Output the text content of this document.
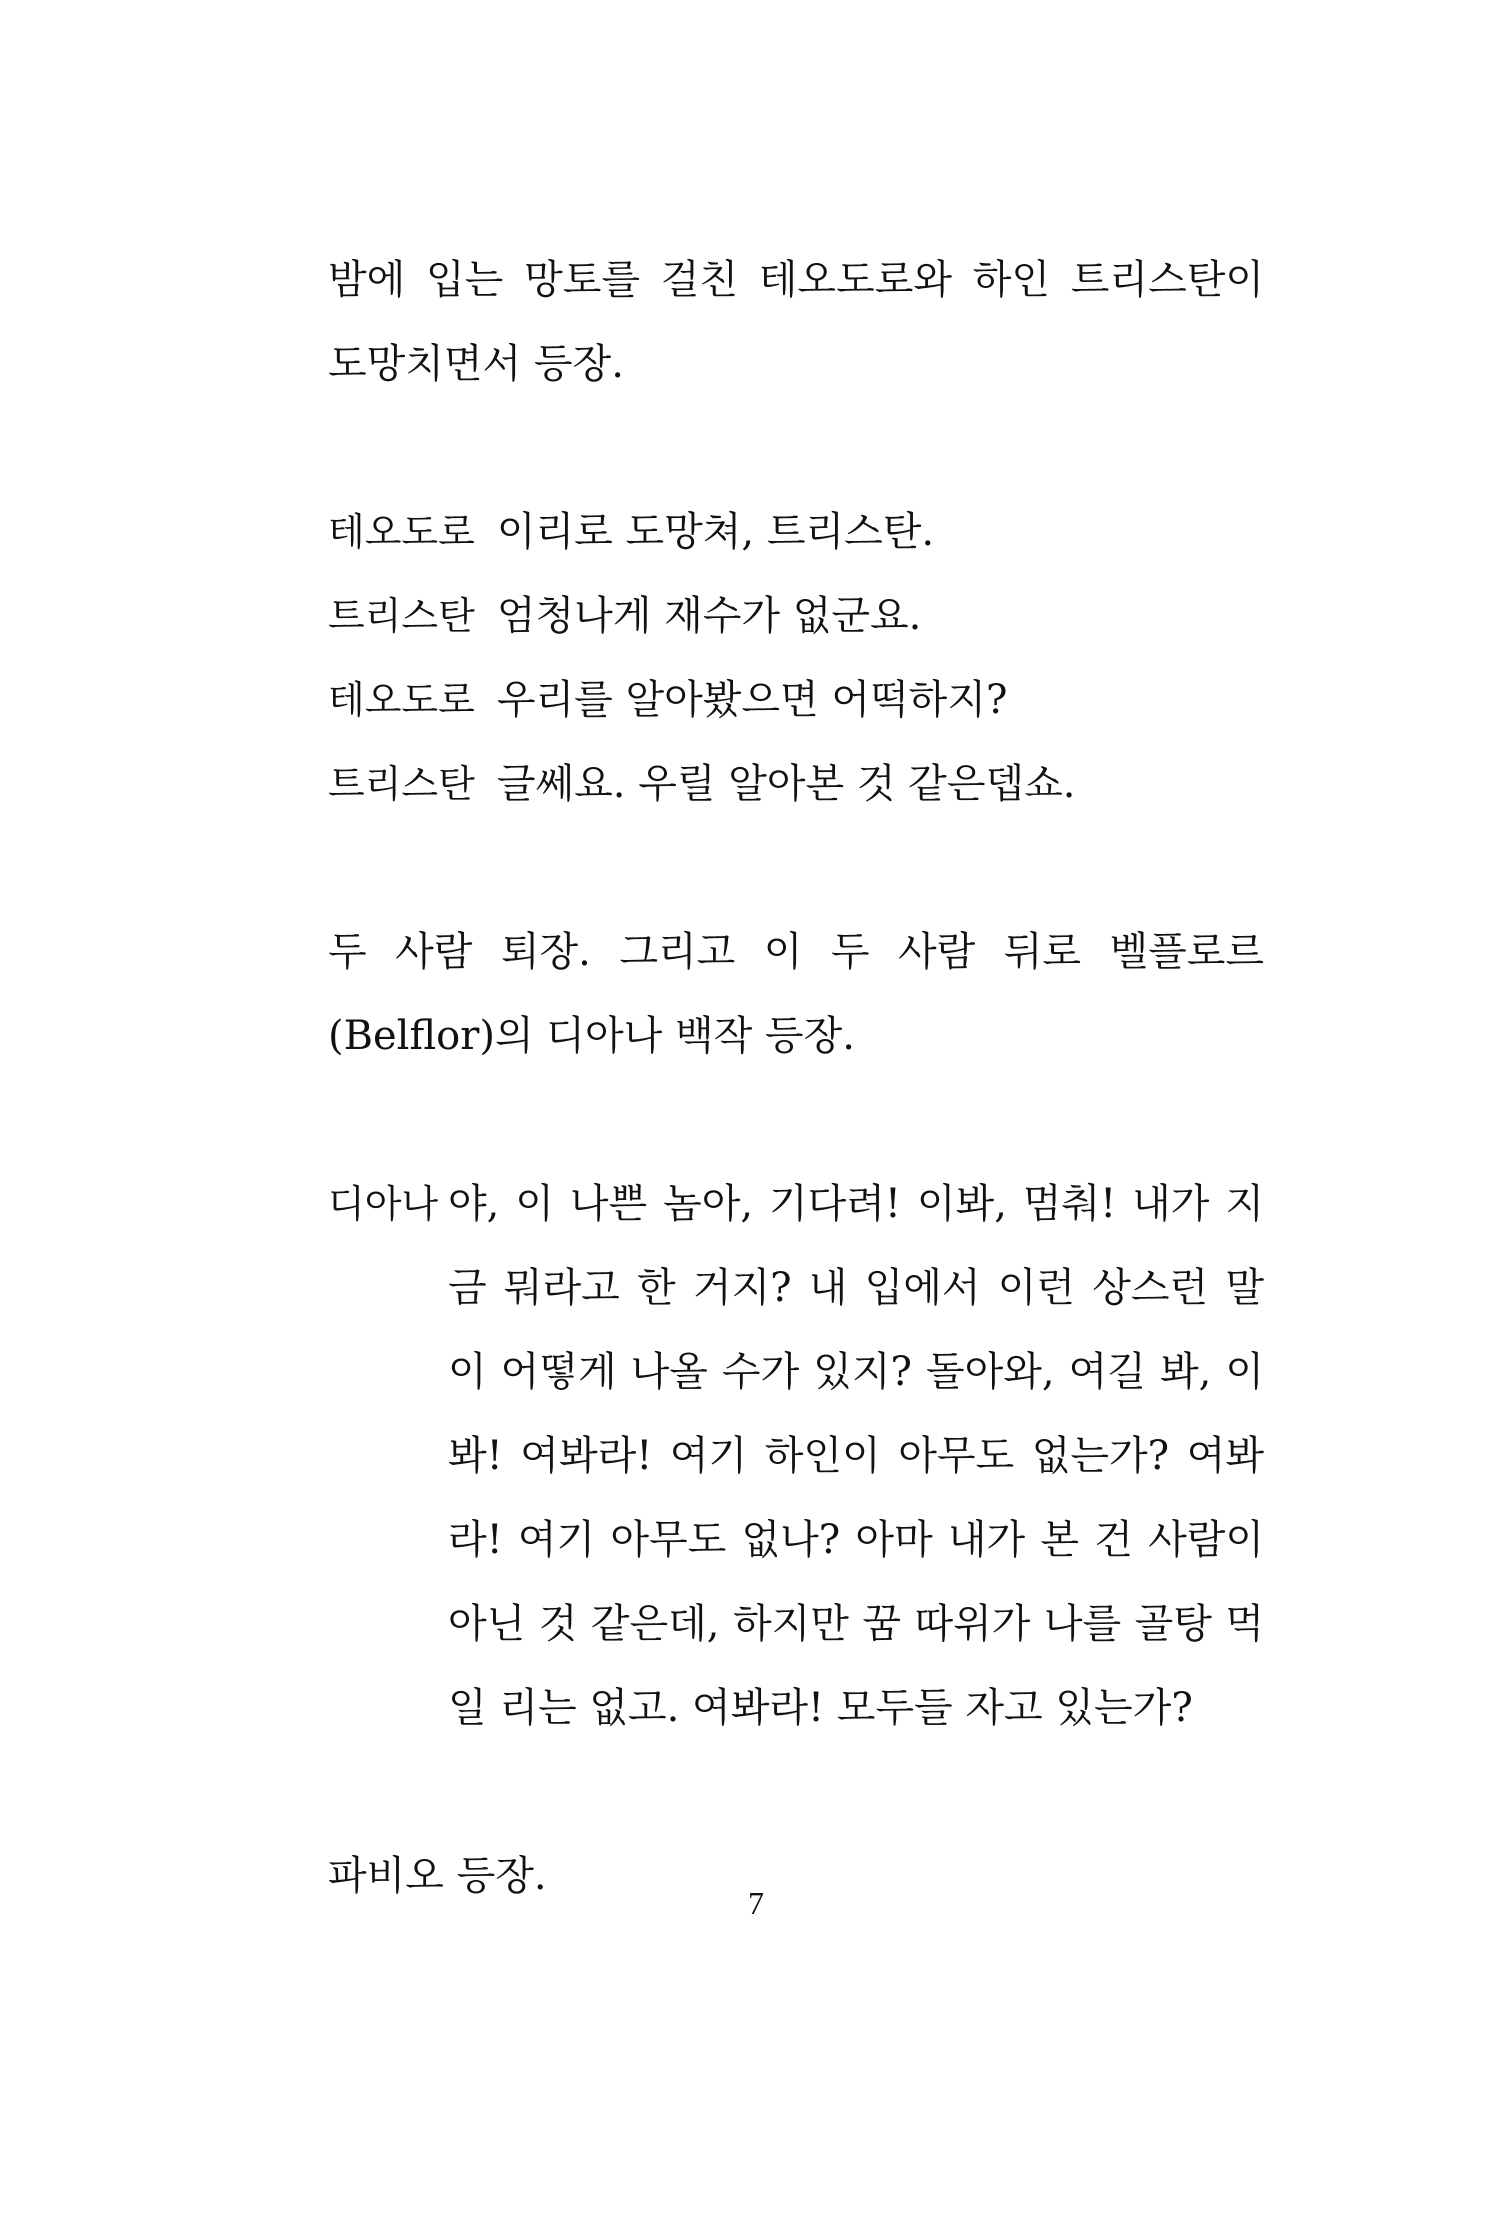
밤에 입는 망토를 걸친 테오도로와 하인 트리스탄이 도망치면서 등장.

테오도로 이리로 도망쳐, 트리스탄.
트리스탄 엄청나게 재수가 없군요.
테오도로 우리를 알아봤으면 어떡하지?
트리스탄 글쎄요. 우릴 알아본 것 같은뎁쇼.

두 사람 퇴장. 그리고 이 두 사람 뒤로 벨플로르(Belflor)의 디아나 백작 등장.

디아나 야, 이 나쁜 놈아, 기다려! 이봐, 멈춰! 내가 지금 뭐라고 한 거지? 내 입에서 이런 상스런 말이 어떻게 나올 수가 있지? 돌아와, 여길 봐, 이봐! 여봐라! 여기 하인이 아무도 없는가? 여봐라! 여기 아무도 없나? 아마 내가 본 건 사람이 아닌 것 같은데, 하지만 꿈 따위가 나를 골탕 먹일 리는 없고. 여봐라! 모두들 자고 있는가?

파비오 등장.

7
